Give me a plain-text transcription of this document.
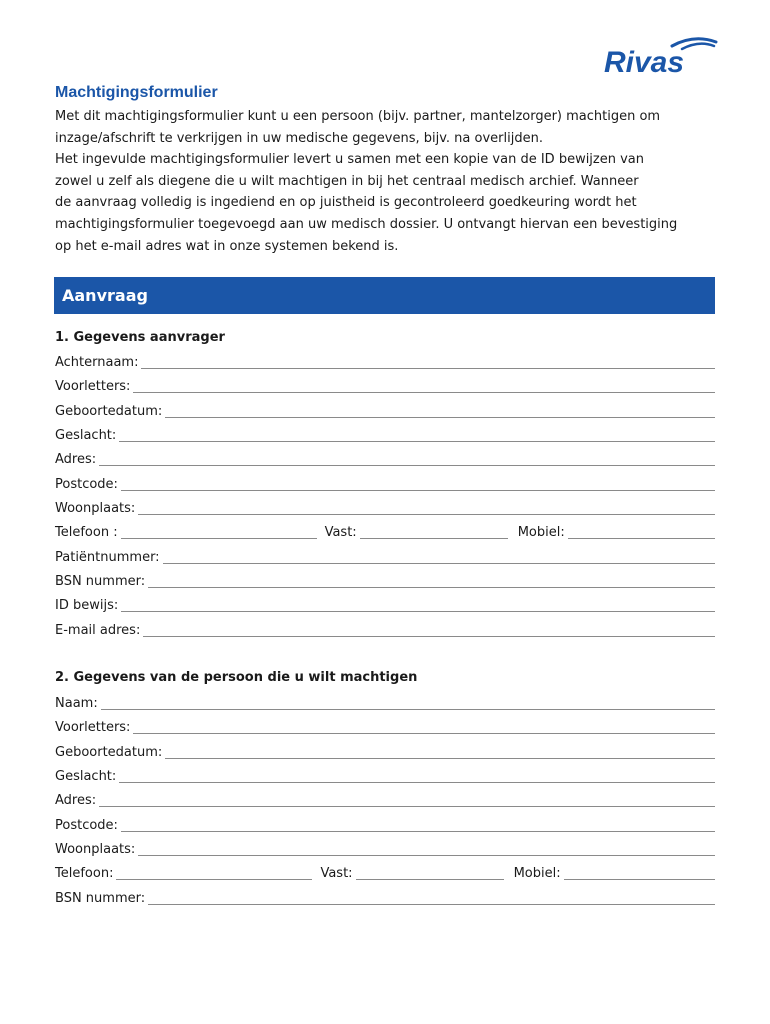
Rivas
Machtigingsformulier

Met dit machtigingsformulier kunt u een persoon (bijv. partner, mantelzorger) machtigen om
inzage/afschrift te verkrijgen in uw medische gegevens, bijv. na overlijden.
Het ingevulde machtigingsformulier levert u samen met een kopie van de ID bewijzen van
zowel u zelf als diegene die u wilt machtigen in bij het centraal medisch archief. Wanneer
de aanvraag volledig is ingediend en op juistheid is gecontroleerd goedkeuring wordt het
machtigingsformulier toegevoegd aan uw medisch dossier. U ontvangt hiervan een bevestiging
op het e-mail adres wat in onze systemen bekend is.

Aanvraag
1. Gegevens aanvrager
Achternaam:
Voorletters:
Geboortedatum:
Geslacht:
Adres:
Postcode:
Woonplaats:
Telefoon :	Vast:	Mobiel:
Patiëntnummer:
BSN nummer:
ID bewijs:
E-mail adres:
2. Gegevens van de persoon die u wilt machtigen
Naam:
Voorletters:
Geboortedatum:
Geslacht:
Adres:
Postcode:
Woonplaats:
Telefoon:	Vast:	Mobiel:
BSN nummer:
